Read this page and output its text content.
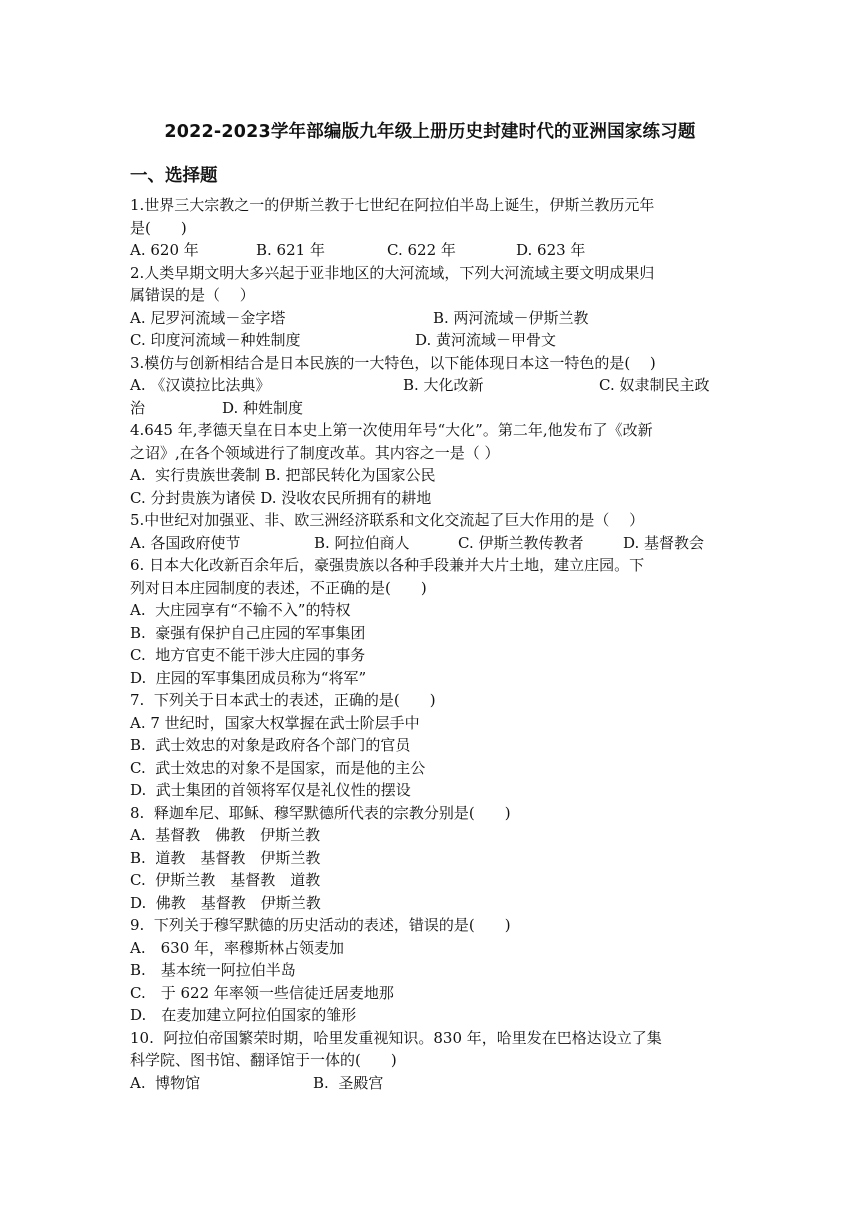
2022-2023学年部编版九年级上册历史封建时代的亚洲国家练习题
一、选择题
1.世界三大宗教之一的伊斯兰教于七世纪在阿拉伯半岛上诞生，伊斯兰教历元年
是(　　)

A. 620 年

	B. 621 年

	C. 622 年

	D. 623 年

2.人类早期文明大多兴起于亚非地区的大河流域，下列大河流域主要文明成果归
属错误的是（　 ）

A. 尼罗河流域－金字塔

	B. 两河流域－伊斯兰教

C. 印度河流域－种姓制度

	D. 黄河流域－甲骨文

3.模仿与创新相结合是日本民族的一大特色，以下能体现日本这一特色的是(　 )

A. 《汉谟拉比法典》

	B. 大化改新

	C. 奴隶制民主政

治

	D. 种姓制度

4.645 年,孝德天皇在日本史上第一次使用年号“大化”。第二年,他发布了《改新
之诏》,在各个领域进行了制度改革。其内容之一是（ ）
A.  实行贵族世袭制 B. 把部民转化为国家公民
C. 分封贵族为诸侯 D. 没收农民所拥有的耕地
5.中世纪对加强亚、非、欧三洲经济联系和文化交流起了巨大作用的是（　 ）

A. 各国政府使节

	B. 阿拉伯商人

	C. 伊斯兰教传教者

	D. 基督教会

6. 日本大化改新百余年后，豪强贵族以各种手段兼并大片土地，建立庄园。下
列对日本庄园制度的表述，不正确的是(　　)
A.  大庄园享有“不输不入”的特权
B.  豪强有保护自己庄园的军事集团
C.  地方官吏不能干涉大庄园的事务
D.  庄园的军事集团成员称为“将军”
7.  下列关于日本武士的表述，正确的是(　　)
A. 7 世纪时，国家大权掌握在武士阶层手中
B.  武士效忠的对象是政府各个部门的官员
C.  武士效忠的对象不是国家，而是他的主公
D.  武士集团的首领将军仅是礼仪性的摆设
8.  释迦牟尼、耶稣、穆罕默德所代表的宗教分别是(　　)
A.  基督教　佛教　伊斯兰教
B.  道教　基督教　伊斯兰教
C.  伊斯兰教　基督教　道教
D.  佛教　基督教　伊斯兰教
9.  下列关于穆罕默德的历史活动的表述，错误的是(　　)
A.　630 年，率穆斯林占领麦加
B.　基本统一阿拉伯半岛
C.　于 622 年率领一些信徒迁居麦地那
D.　在麦加建立阿拉伯国家的雏形
10.  阿拉伯帝国繁荣时期，哈里发重视知识。830 年，哈里发在巴格达设立了集
科学院、图书馆、翻译馆于一体的(　　)

A.  博物馆

	B.  圣殿宫
